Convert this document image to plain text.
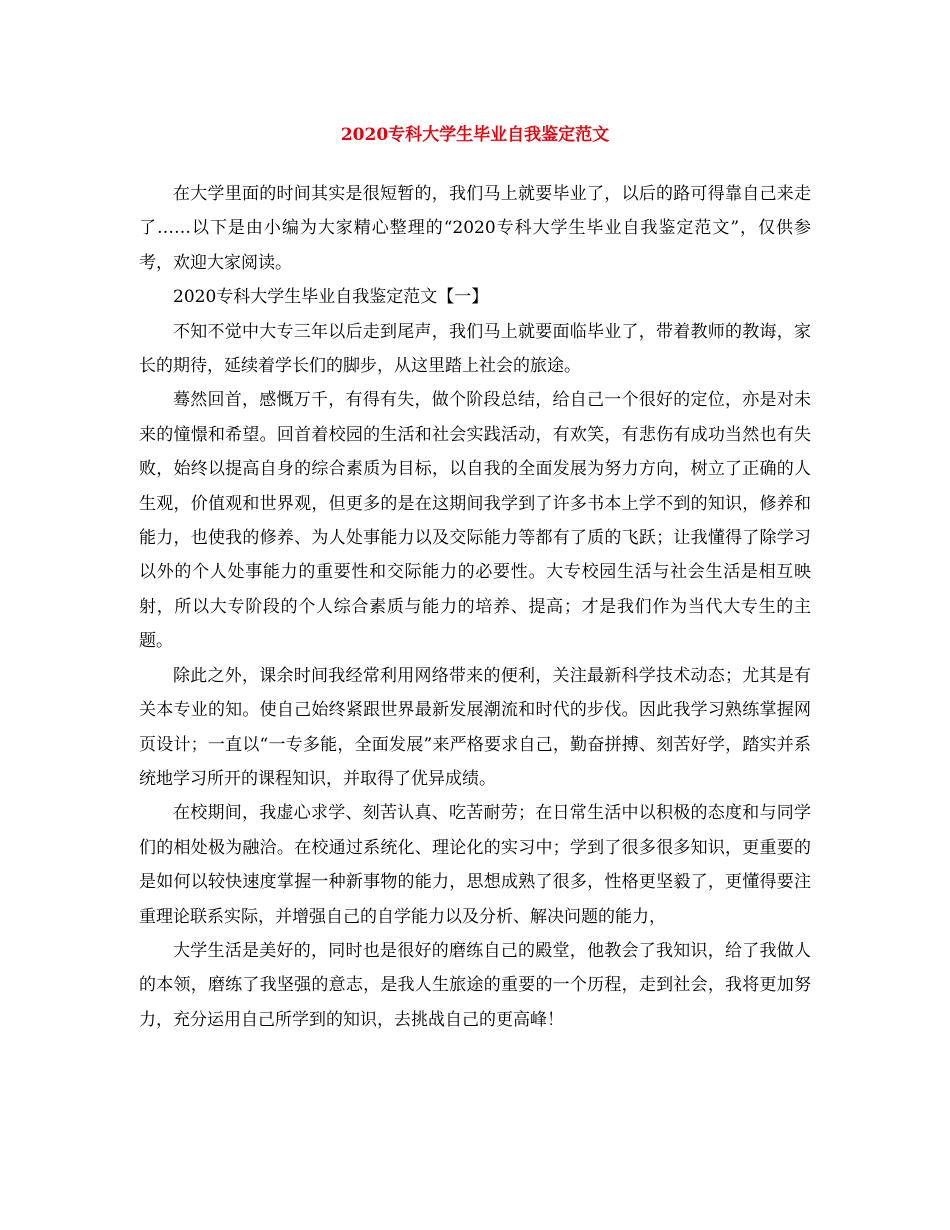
2020专科大学生毕业自我鉴定范文

在大学里面的时间其实是很短暂的，我们马上就要毕业了，以后的路可得靠自己来走了……以下是由小编为大家精心整理的“2020专科大学生毕业自我鉴定范文”，仅供参考，欢迎大家阅读。

2020专科大学生毕业自我鉴定范文【一】

不知不觉中大专三年以后走到尾声，我们马上就要面临毕业了，带着教师的教诲，家长的期待，延续着学长们的脚步，从这里踏上社会的旅途。

蓦然回首，感慨万千，有得有失，做个阶段总结，给自己一个很好的定位，亦是对未来的憧憬和希望。回首着校园的生活和社会实践活动，有欢笑，有悲伤有成功当然也有失败，始终以提高自身的综合素质为目标，以自我的全面发展为努力方向，树立了正确的人生观，价值观和世界观，但更多的是在这期间我学到了许多书本上学不到的知识，修养和能力，也使我的修养、为人处事能力以及交际能力等都有了质的飞跃；让我懂得了除学习以外的个人处事能力的重要性和交际能力的必要性。大专校园生活与社会生活是相互映射，所以大专阶段的个人综合素质与能力的培养、提高；才是我们作为当代大专生的主题。

除此之外，课余时间我经常利用网络带来的便利，关注最新科学技术动态；尤其是有关本专业的知。使自己始终紧跟世界最新发展潮流和时代的步伐。因此我学习熟练掌握网页设计；一直以“一专多能，全面发展”来严格要求自己，勤奋拼搏、刻苦好学，踏实并系统地学习所开的课程知识，并取得了优异成绩。

在校期间，我虚心求学、刻苦认真、吃苦耐劳；在日常生活中以积极的态度和与同学们的相处极为融洽。在校通过系统化、理论化的实习中；学到了很多很多知识，更重要的是如何以较快速度掌握一种新事物的能力，思想成熟了很多，性格更坚毅了，更懂得要注重理论联系实际，并增强自己的自学能力以及分析、解决问题的能力，

大学生活是美好的，同时也是很好的磨练自己的殿堂，他教会了我知识，给了我做人的本领，磨练了我坚强的意志，是我人生旅途的重要的一个历程，走到社会，我将更加努力，充分运用自己所学到的知识，去挑战自己的更高峰！
